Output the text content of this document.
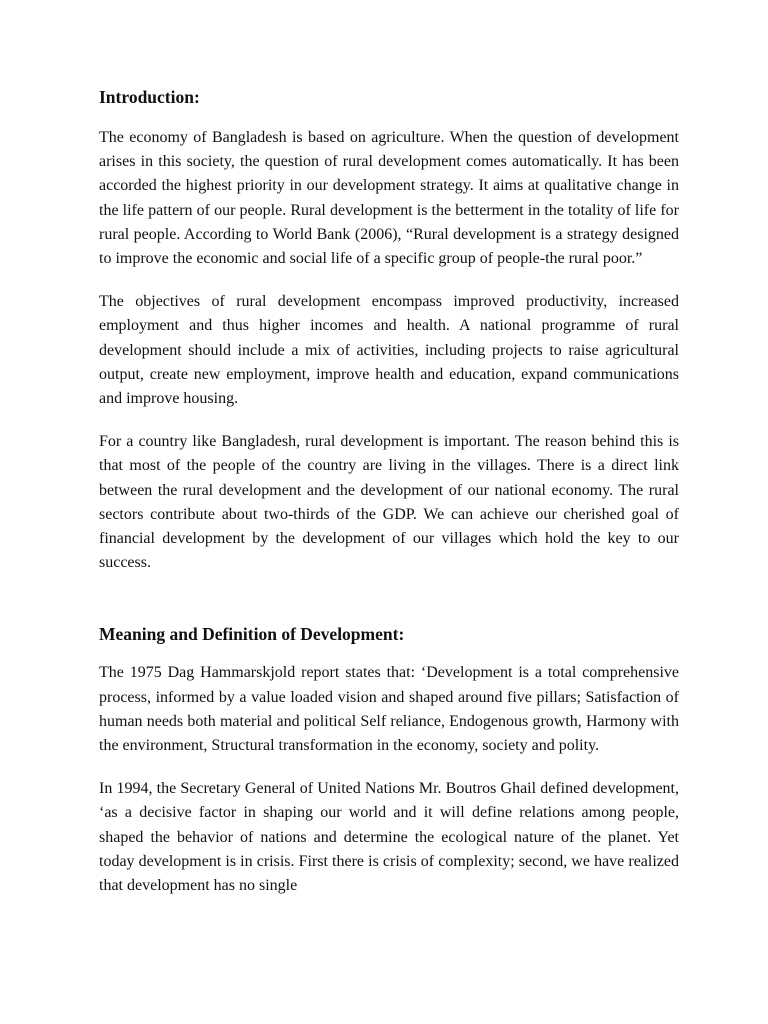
Introduction:

The economy of Bangladesh is based on agriculture. When the question of development arises in this society, the question of rural development comes automatically. It has been accorded the highest priority in our development strategy. It aims at qualitative change in the life pattern of our people. Rural development is the betterment in the totality of life for rural people. According to World Bank (2006), “Rural development is a strategy designed to improve the economic and social life of a specific group of people-the rural poor.”

The objectives of rural development encompass improved productivity, increased employment and thus higher incomes and health. A national programme of rural development should include a mix of activities, including projects to raise agricultural output, create new employment, improve health and education, expand communications and improve housing.

For a country like Bangladesh, rural development is important. The reason behind this is that most of the people of the country are living in the villages. There is a direct link between the rural development and the development of our national economy. The rural sectors contribute about two-thirds of the GDP. We can achieve our cherished goal of financial development by the development of our villages which hold the key to our success.

Meaning and Definition of Development:

The 1975 Dag Hammarskjold report states that: ‘Development is a total comprehensive process, informed by a value loaded vision and shaped around five pillars; Satisfaction of human needs both material and political Self reliance, Endogenous growth, Harmony with the environment, Structural transformation in the economy, society and polity.

In 1994, the Secretary General of United Nations Mr. Boutros Ghail defined development, ‘as a decisive factor in shaping our world and it will define relations among people, shaped the behavior of nations and determine the ecological nature of the planet. Yet today development is in crisis. First there is crisis of complexity; second, we have realized that development has no single
